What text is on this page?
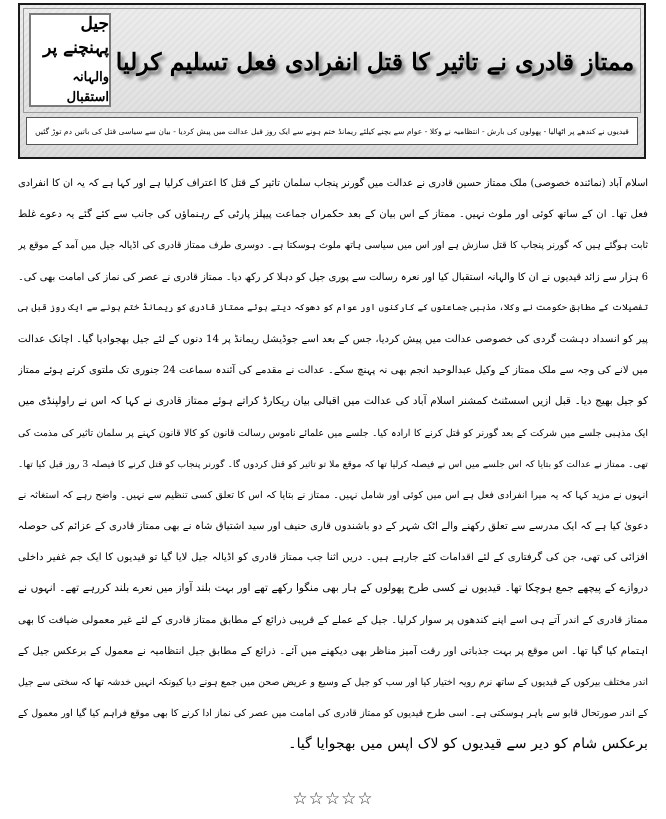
جیل پہنچنے پر
والہانہ استقبال
ممتاز قادری نے تاثیر کا قتل انفرادی فعل تسلیم کرلیا
قیدیوں نے کندھے پر اٹھالیا - پھولوں کی بارش - انتظامیہ نے وکلا - عوام سے بچنے کیلئے ریمانڈ ختم ہونے سے ایک روز قبل عدالت میں پیش کردیا - بیان سے سیاسی قتل کی باتیں دم توڑ گئیں
اسلام آباد (نمائندہ خصوصی) ملک ممتاز حسین قادری نے عدالت میں گورنر پنجاب سلمان تاثیر کے قتل کا اعتراف کرلیا ہے اور کہا ہے کہ یہ ان کا انفرادی
فعل تھا۔ ان کے ساتھ کوئی اور ملوث نہیں۔ ممتاز کے اس بیان کے بعد حکمراں جماعت پیپلز پارٹی کے رہنماؤں کی جانب سے کئے گئے یہ دعوے غلط
ثابت ہوگئے ہیں کہ گورنر پنجاب کا قتل سازش ہے اور اس میں سیاسی ہاتھ ملوث ہوسکتا ہے۔ دوسری طرف ممتاز قادری کی اڈیالہ جیل میں آمد کے موقع پر
6 ہزار سے زائد قیدیوں نے ان کا والہانہ استقبال کیا اور نعرہ رسالت سے پوری جیل کو دہلا کر رکھ دیا۔ ممتاز قادری نے عصر کی نماز کی امامت بھی کی۔
تفصیلات کے مطابق حکومت نے وکلا، مذہبی جماعتوں کے کارکنوں اور عوام کو دھوکہ دیتے ہوئے ممتاز قادری کو ریمانڈ ختم ہونے سے ایک روز قبل ہی
پیر کو انسداد دہشت گردی کی خصوصی عدالت میں پیش کردیا، جس کے بعد اسے جوڈیشل ریمانڈ پر 14 دنوں کے لئے جیل بھجوادیا گیا۔ اچانک عدالت
میں لانے کی وجہ سے ملک ممتاز کے وکیل عبدالوحید انجم بھی نہ پہنچ سکے۔ عدالت نے مقدمے کی آئندہ سماعت 24 جنوری تک ملتوی کرتے ہوئے ممتاز
کو جیل بھیج دیا۔ قبل ازیں اسسٹنٹ کمشنر اسلام آباد کی عدالت میں اقبالی بیان ریکارڈ کراتے ہوئے ممتاز قادری نے کہا کہ اس نے راولپنڈی میں
ایک مذہبی جلسے میں شرکت کے بعد گورنر کو قتل کرنے کا ارادہ کیا۔ جلسے میں علمائے ناموس رسالت قانون کو کالا قانون کہنے پر سلمان تاثیر کی مذمت کی
تھی۔ ممتاز نے عدالت کو بتایا کہ اس جلسے میں اس نے فیصلہ کرلیا تھا کہ موقع ملا تو تاثیر کو قتل کردوں گا۔ گورنر پنجاب کو قتل کرنے کا فیصلہ 3 روز قبل کیا تھا۔
انہوں نے مزید کہا کہ یہ میرا انفرادی فعل ہے اس میں کوئی اور شامل نہیں۔ ممتاز نے بتایا کہ اس کا تعلق کسی تنظیم سے نہیں۔ واضح رہے کہ استغاثہ نے
دعویٰ کیا ہے کہ ایک مدرسے سے تعلق رکھنے والے اٹک شہر کے دو باشندوں قاری حنیف اور سید اشتیاق شاہ نے بھی ممتاز قادری کے عزائم کی حوصلہ
افزائی کی تھی، جن کی گرفتاری کے لئے اقدامات کئے جارہے ہیں۔ دریں اثنا جب ممتاز قادری کو اڈیالہ جیل لایا گیا تو قیدیوں کا ایک جم غفیر داخلی
دروازے کے پیچھے جمع ہوچکا تھا۔ قیدیوں نے کسی طرح پھولوں کے ہار بھی منگوا رکھے تھے اور بہت بلند آواز میں نعرے بلند کررہے تھے۔ انہوں نے
ممتاز قادری کے اندر آتے ہی اسے اپنے کندھوں پر سوار کرلیا۔ جیل کے عملے کے قریبی ذرائع کے مطابق ممتاز قادری کے لئے غیر معمولی ضیافت کا بھی
اہتمام کیا گیا تھا۔ اس موقع پر بہت جذباتی اور رقت آمیز مناظر بھی دیکھنے میں آئے۔ ذرائع کے مطابق جیل انتظامیہ نے معمول کے برعکس جیل کے
اندر مختلف بیرکوں کے قیدیوں کے ساتھ نرم رویہ اختیار کیا اور سب کو جیل کے وسیع و عریض صحن میں جمع ہونے دیا کیونکہ انہیں خدشہ تھا کہ سختی سے جیل
کے اندر صورتحال قابو سے باہر ہوسکتی ہے۔ اسی طرح قیدیوں کو ممتاز قادری کی امامت میں عصر کی نماز ادا کرنے کا بھی موقع فراہم کیا گیا اور معمول کے
برعکس شام کو دیر سے قیدیوں کو لاک اپس میں بھجوایا گیا۔
☆☆☆☆☆
